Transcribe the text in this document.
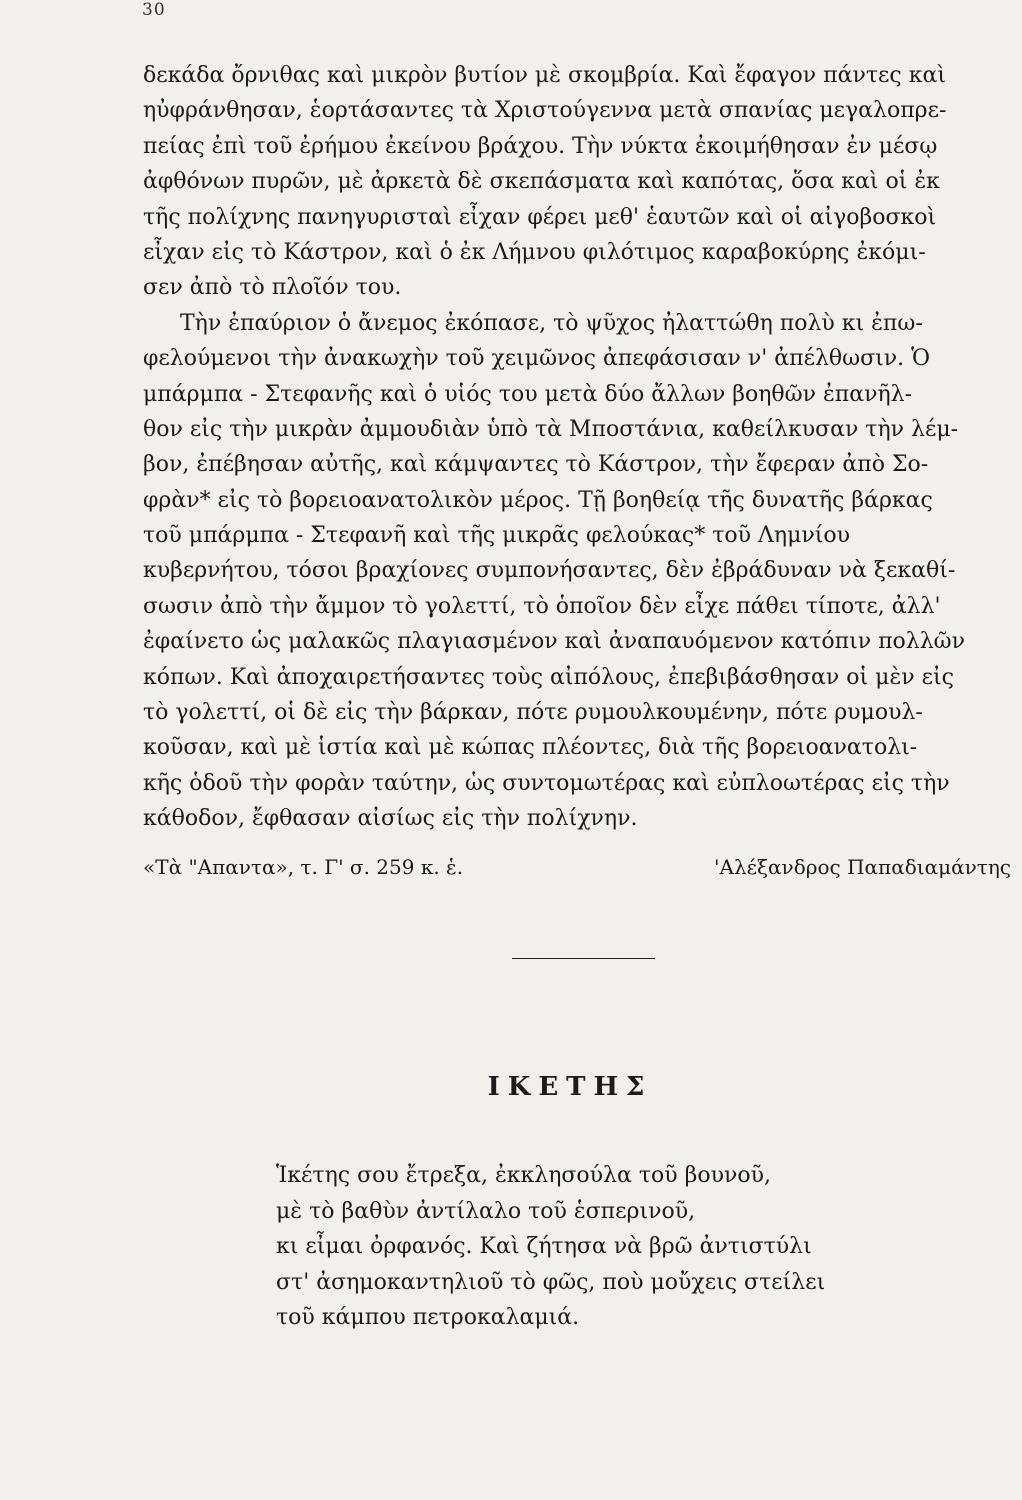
30
δεκάδα ὄρνιθας καὶ μικρὸν βυτίον μὲ σκομβρία. Καὶ ἔφαγον πάντες καὶ
ηὐφράνθησαν, ἑορτάσαντες τὰ Χριστούγεννα μετὰ σπανίας μεγαλοπρε-
πείας ἐπὶ τοῦ ἐρήμου ἐκείνου βράχου. Τὴν νύκτα ἐκοιμήθησαν ἐν μέσῳ
ἀφθόνων πυρῶν, μὲ ἀρκετὰ δὲ σκεπάσματα καὶ καπότας, ὅσα καὶ οἱ ἐκ
τῆς πολίχνης πανηγυρισταὶ εἶχαν φέρει μεθ' ἑαυτῶν καὶ οἱ αἰγοβοσκοὶ
εἶχαν εἰς τὸ Κάστρον, καὶ ὁ ἐκ Λήμνου φιλότιμος καραβοκύρης ἐκόμι-
σεν ἀπὸ τὸ πλοῖόν του.
Τὴν ἐπαύριον ὁ ἄνεμος ἐκόπασε, τὸ ψῦχος ἠλαττώθη πολὺ κι ἐπω-
φελούμενοι τὴν ἀνακωχὴν τοῦ χειμῶνος ἀπεφάσισαν ν' ἀπέλθωσιν. Ὁ
μπάρμπα - Στεφανῆς καὶ ὁ υἱός του μετὰ δύο ἄλλων βοηθῶν ἐπανῆλ-
θον εἰς τὴν μικρὰν ἀμμουδιὰν ὑπὸ τὰ Μποστάνια, καθείλκυσαν τὴν λέμ-
βον, ἐπέβησαν αὐτῆς, καὶ κάμψαντες τὸ Κάστρον, τὴν ἔφεραν ἀπὸ Σο-
φρὰν* εἰς τὸ βορειοανατολικὸν μέρος. Τῇ βοηθείᾳ τῆς δυνατῆς βάρκας
τοῦ μπάρμπα - Στεφανῆ καὶ τῆς μικρᾶς φελούκας* τοῦ Λημνίου
κυβερνήτου, τόσοι βραχίονες συμπονήσαντες, δὲν ἐβράδυναν νὰ ξεκαθί-
σωσιν ἀπὸ τὴν ἄμμον τὸ γολεττί, τὸ ὁποῖον δὲν εἶχε πάθει τίποτε, ἀλλ'
ἐφαίνετο ὡς μαλακῶς πλαγιασμένον καὶ ἀναπαυόμενον κατόπιν πολλῶν
κόπων. Καὶ ἀποχαιρετήσαντες τοὺς αἰπόλους, ἐπεβιβάσθησαν οἱ μὲν εἰς
τὸ γολεττί, οἱ δὲ εἰς τὴν βάρκαν, πότε ρυμουλκουμένην, πότε ρυμουλ-
κοῦσαν, καὶ μὲ ἱστία καὶ μὲ κώπας πλέοντες, διὰ τῆς βορειοανατολι-
κῆς ὁδοῦ τὴν φορὰν ταύτην, ὡς συντομωτέρας καὶ εὐπλοωτέρας εἰς τὴν
κάθοδον, ἔφθασαν αἰσίως εἰς τὴν πολίχνην.
«Τὰ "Απαντα», τ. Γ' σ. 259 κ. ἑ.	'Αλέξανδρος Παπαδιαμάντης
ΙΚΕΤΗΣ
Ἱκέτης σου ἔτρεξα, ἐκκλησούλα τοῦ βουνοῦ,
μὲ τὸ βαθὺν ἀντίλαλο τοῦ ἑσπερινοῦ,
κι εἶμαι ὀρφανός. Καὶ ζήτησα νὰ βρῶ ἀντιστύλι
στ' ἀσημοκαντηλιοῦ τὸ φῶς, ποὺ μοὔχεις στείλει
τοῦ κάμπου πετροκαλαμιά.
